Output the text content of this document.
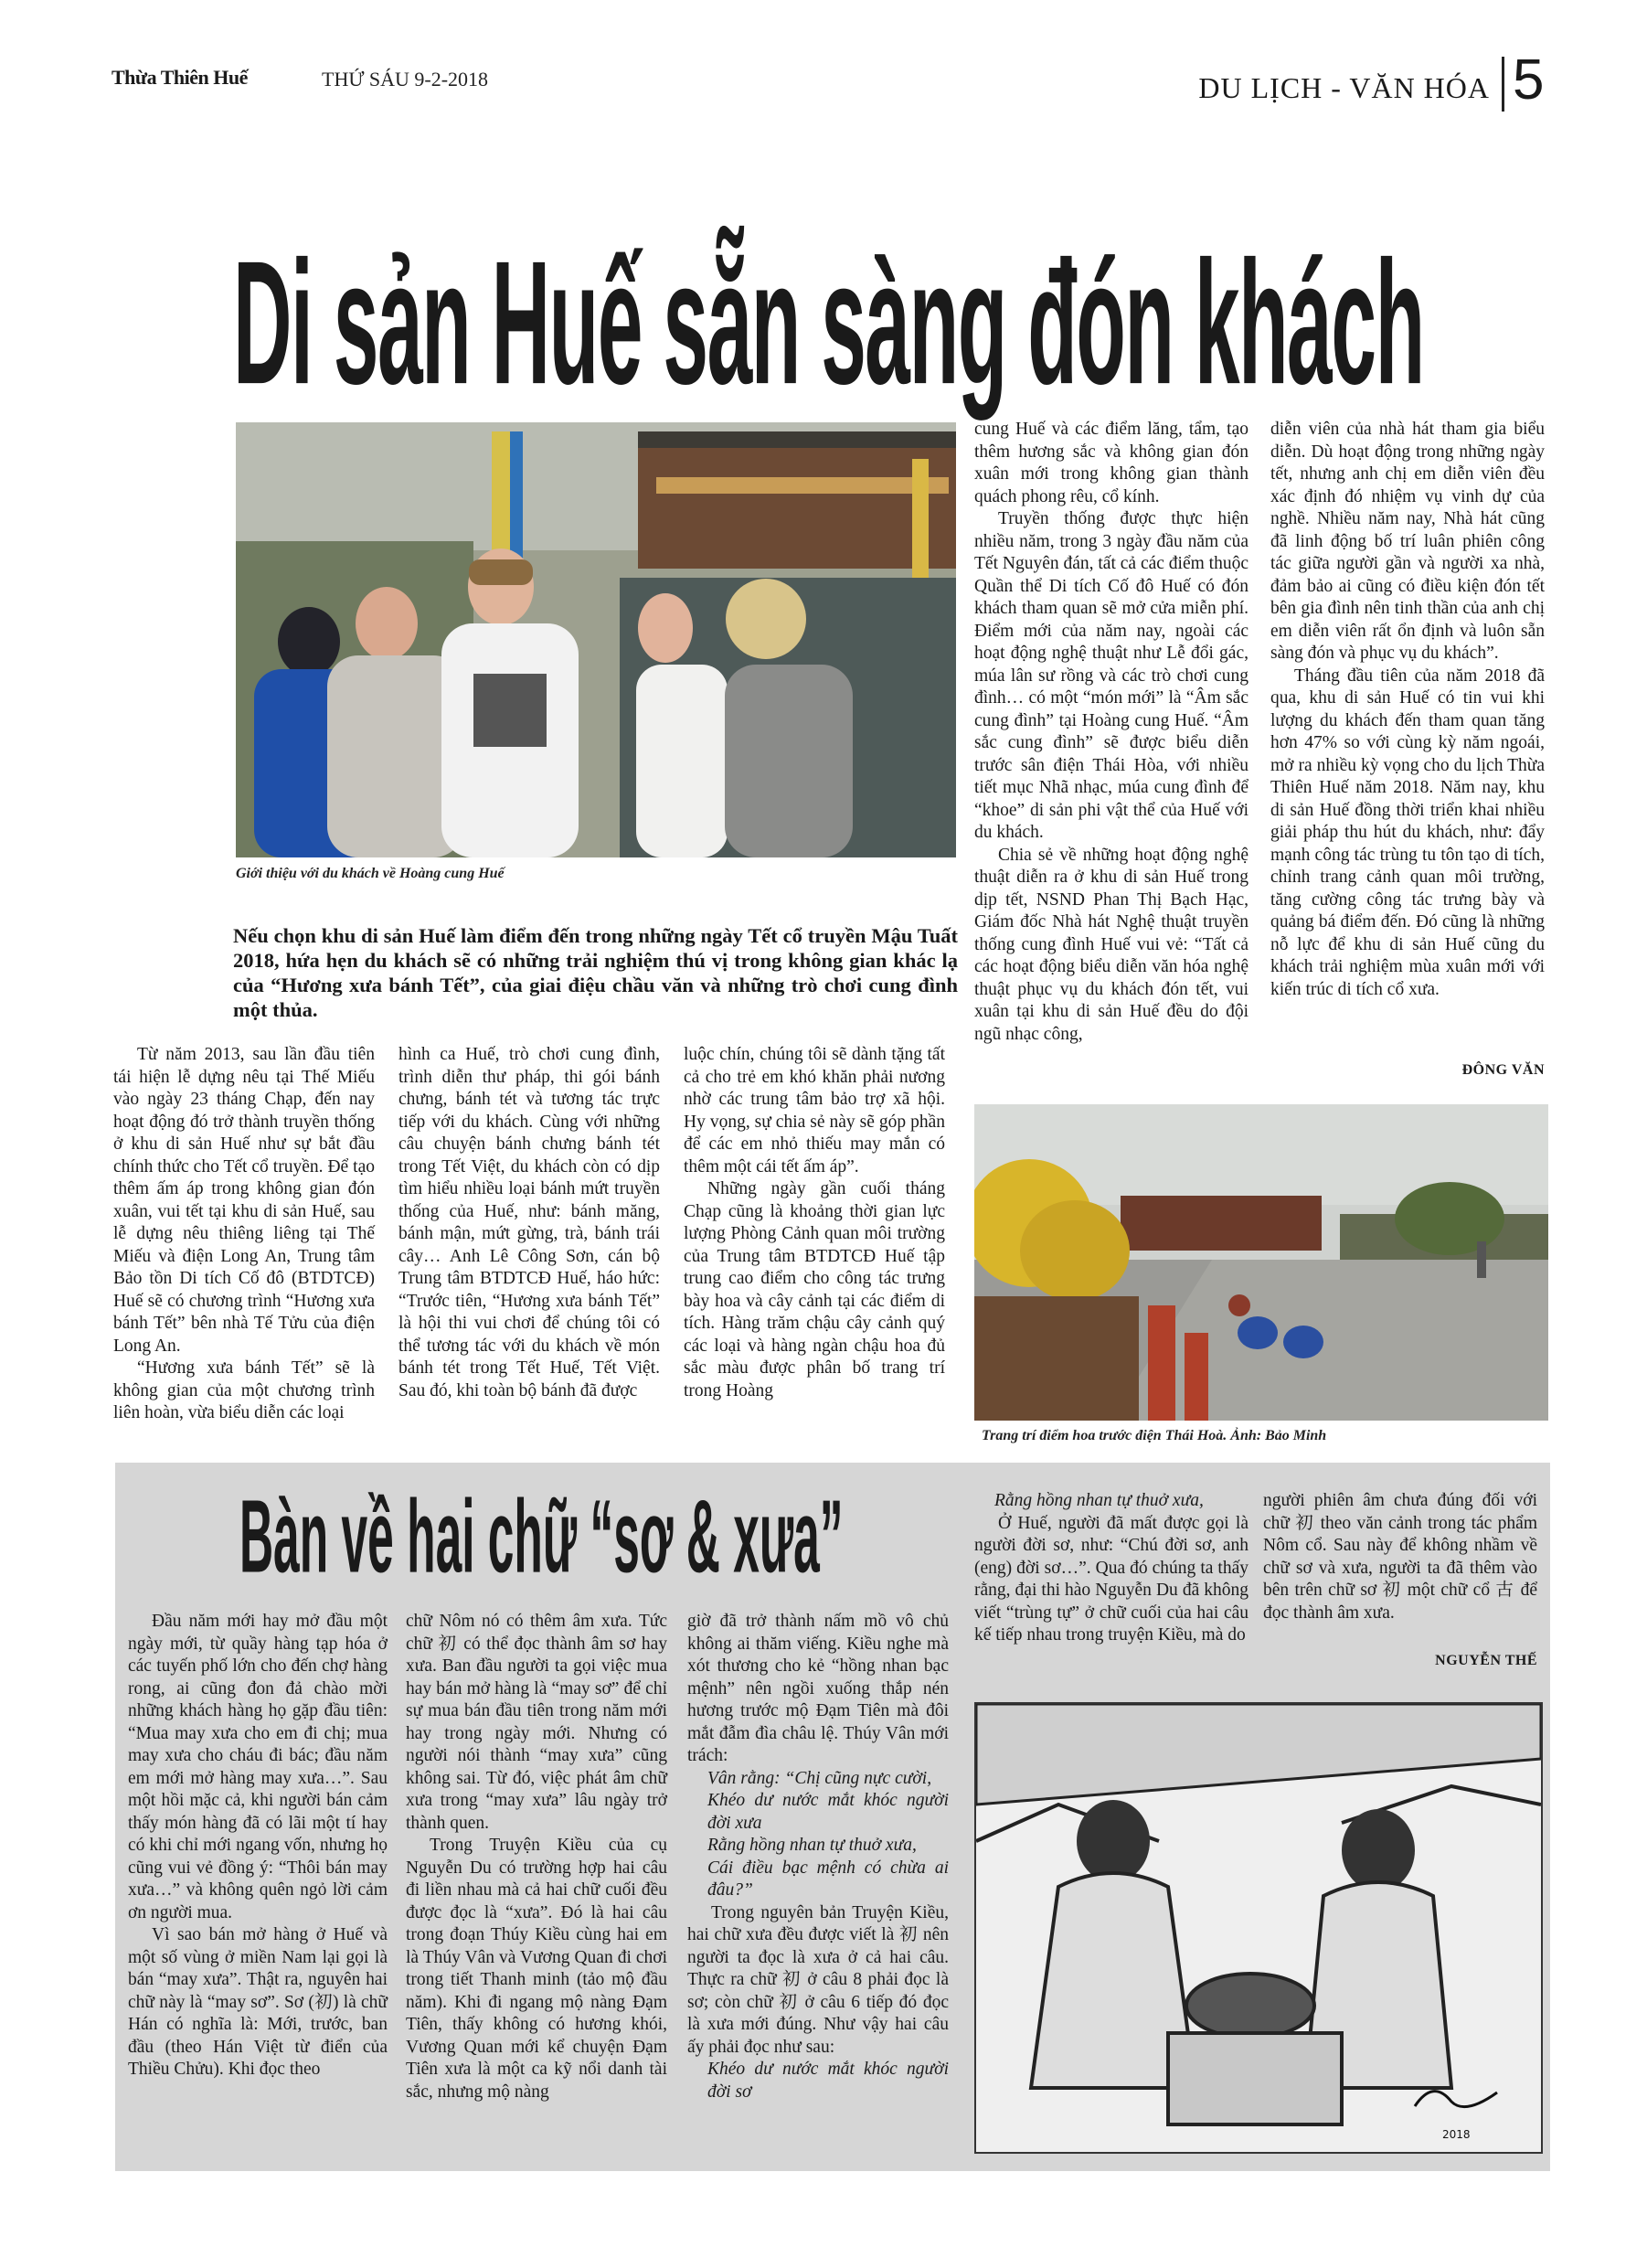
Thừa Thiên Huế	THỨ SÁU 9-2-2018	DU LỊCH - VĂN HÓA 5
Di sản Huế sẵn sàng đón khách
Giới thiệu với du khách về Hoàng cung Huế
Nếu chọn khu di sản Huế làm điểm đến trong những ngày Tết cổ truyền Mậu Tuất 2018, hứa hẹn du khách sẽ có những trải nghiệm thú vị trong không gian khác lạ của “Hương xưa bánh Tết”, của giai điệu chầu văn và những trò chơi cung đình một thủa.

Từ năm 2013, sau lần đầu tiên tái hiện lễ dựng nêu tại Thế Miếu vào ngày 23 tháng Chạp, đến nay hoạt động đó trở thành truyền thống ở khu di sản Huế như sự bắt đầu chính thức cho Tết cổ truyền. Để tạo thêm ấm áp trong không gian đón xuân, vui tết tại khu di sản Huế, sau lễ dựng nêu thiêng liêng tại Thế Miếu và điện Long An, Trung tâm Bảo tồn Di tích Cố đô (BTDTCĐ) Huế sẽ có chương trình “Hương xưa bánh Tết” bên nhà Tế Tửu của điện Long An.

“Hương xưa bánh Tết” sẽ là không gian của một chương trình liên hoàn, vừa biểu diễn các loại

hình ca Huế, trò chơi cung đình, trình diễn thư pháp, thi gói bánh chưng, bánh tét và tương tác trực tiếp với du khách. Cùng với những câu chuyện bánh chưng bánh tét trong Tết Việt, du khách còn có dịp tìm hiểu nhiều loại bánh mứt truyền thống của Huế, như: bánh măng, bánh mận, mứt gừng, trà, bánh trái cây… Anh Lê Công Sơn, cán bộ Trung tâm BTDTCĐ Huế, háo hức: “Trước tiên, “Hương xưa bánh Tết” là hội thi vui chơi để chúng tôi có thể tương tác với du khách về món bánh tét trong Tết Huế, Tết Việt. Sau đó, khi toàn bộ bánh đã được

luộc chín, chúng tôi sẽ dành tặng tất cả cho trẻ em khó khăn phải nương nhờ các trung tâm bảo trợ xã hội. Hy vọng, sự chia sẻ này sẽ góp phần để các em nhỏ thiếu may mắn có thêm một cái tết ấm áp”.

Những ngày gần cuối tháng Chạp cũng là khoảng thời gian lực lượng Phòng Cảnh quan môi trường của Trung tâm BTDTCĐ Huế tập trung cao điểm cho công tác trưng bày hoa và cây cảnh tại các điểm di tích. Hàng trăm chậu cây cảnh quý các loại và hàng ngàn chậu hoa đủ sắc màu được phân bố trang trí trong Hoàng

cung Huế và các điểm lăng, tẩm, tạo thêm hương sắc và không gian đón xuân mới trong không gian thành quách phong rêu, cổ kính.

Truyền thống được thực hiện nhiều năm, trong 3 ngày đầu năm của Tết Nguyên đán, tất cả các điểm thuộc Quần thể Di tích Cố đô Huế có đón khách tham quan sẽ mở cửa miễn phí. Điểm mới của năm nay, ngoài các hoạt động nghệ thuật như Lễ đổi gác, múa lân sư rồng và các trò chơi cung đình… có một “món mới” là “Âm sắc cung đình” tại Hoàng cung Huế. “Âm sắc cung đình” sẽ được biểu diễn trước sân điện Thái Hòa, với nhiều tiết mục Nhã nhạc, múa cung đình để “khoe” di sản phi vật thể của Huế với du khách.

Chia sẻ về những hoạt động nghệ thuật diễn ra ở khu di sản Huế trong dịp tết, NSND Phan Thị Bạch Hạc, Giám đốc Nhà hát Nghệ thuật truyền thống cung đình Huế vui vẻ: “Tất cả các hoạt động biểu diễn văn hóa nghệ thuật phục vụ du khách đón tết, vui xuân tại khu di sản Huế đều do đội ngũ nhạc công,

diễn viên của nhà hát tham gia biểu diễn. Dù hoạt động trong những ngày tết, nhưng anh chị em diễn viên đều xác định đó nhiệm vụ vinh dự của nghề. Nhiều năm nay, Nhà hát cũng đã linh động bố trí luân phiên công tác giữa người gần và người xa nhà, đảm bảo ai cũng có điều kiện đón tết bên gia đình nên tinh thần của anh chị em diễn viên rất ổn định và luôn sẵn sàng đón và phục vụ du khách”.

Tháng đầu tiên của năm 2018 đã qua, khu di sản Huế có tin vui khi lượng du khách đến tham quan tăng hơn 47% so với cùng kỳ năm ngoái, mở ra nhiều kỳ vọng cho du lịch Thừa Thiên Huế năm 2018. Năm nay, khu di sản Huế đồng thời triển khai nhiều giải pháp thu hút du khách, như: đẩy mạnh công tác trùng tu tôn tạo di tích, chỉnh trang cảnh quan môi trường, tăng cường công tác trưng bày và quảng bá điểm đến. Đó cũng là những nỗ lực để khu di sản Huế cũng du khách trải nghiệm mùa xuân mới với kiến trúc di tích cổ xưa.

ĐÔNG VĂN
Trang trí điểm hoa trước điện Thái Hoà. Ảnh: Bảo Minh
Bàn về hai chữ “sơ & xưa”

Đầu năm mới hay mở đầu một ngày mới, từ quầy hàng tạp hóa ở các tuyến phố lớn cho đến chợ hàng rong, ai cũng đon đả chào mời những khách hàng họ gặp đầu tiên: “Mua may xưa cho em đi chị; mua may xưa cho cháu đi bác; đầu năm em mới mở hàng may xưa…”. Sau một hồi mặc cả, khi người bán cảm thấy món hàng đã có lãi một tí hay có khi chỉ mới ngang vốn, nhưng họ cũng vui vẻ đồng ý: “Thôi bán may xưa…” và không quên ngỏ lời cảm ơn người mua.

Vì sao bán mở hàng ở Huế và một số vùng ở miền Nam lại gọi là bán “may xưa”. Thật ra, nguyên hai chữ này là “may sơ”. Sơ (初) là chữ Hán có nghĩa là: Mới, trước, ban đầu (theo Hán Việt từ điển của Thiều Chửu). Khi đọc theo

chữ Nôm nó có thêm âm xưa. Tức chữ 初 có thể đọc thành âm sơ hay xưa. Ban đầu người ta gọi việc mua hay bán mở hàng là “may sơ” để chỉ sự mua bán đầu tiên trong năm mới hay trong ngày mới. Nhưng có người nói thành “may xưa” cũng không sai. Từ đó, việc phát âm chữ xưa trong “may xưa” lâu ngày trở thành quen.

Trong Truyện Kiều của cụ Nguyễn Du có trường hợp hai câu đi liền nhau mà cả hai chữ cuối đều được đọc là “xưa”. Đó là hai câu trong đoạn Thúy Kiều cùng hai em là Thúy Vân và Vương Quan đi chơi trong tiết Thanh minh (tảo mộ đầu năm). Khi đi ngang mộ nàng Đạm Tiên, thấy không có hương khói, Vương Quan mới kể chuyện Đạm Tiên xưa là một ca kỹ nổi danh tài sắc, nhưng mộ nàng

giờ đã trở thành nấm mồ vô chủ không ai thăm viếng. Kiều nghe mà xót thương cho kẻ “hồng nhan bạc mệnh” nên ngồi xuống thắp nén hương trước mộ Đạm Tiên mà đôi mắt đẫm đìa châu lệ. Thúy Vân mới trách:

Vân rằng: “Chị cũng nực cười,

Khéo dư nước mắt khóc người đời xưa

Rằng hồng nhan tự thuở xưa,

Cái điều bạc mệnh có chừa ai đâu?”

Trong nguyên bản Truyện Kiều, hai chữ xưa đều được viết là 初 nên người ta đọc là xưa ở cả hai câu. Thực ra chữ 初 ở câu 8 phải đọc là sơ; còn chữ 初 ở câu 6 tiếp đó đọc là xưa mới đúng. Như vậy hai câu ấy phải đọc như sau:

Khéo dư nước mắt khóc người đời sơ

Rằng hồng nhan tự thuở xưa,

Ở Huế, người đã mất được gọi là người đời sơ, như: “Chú đời sơ, anh (eng) đời sơ…”. Qua đó chúng ta thấy rằng, đại thi hào Nguyễn Du đã không viết “trùng tự” ở chữ cuối của hai câu kế tiếp nhau trong truyện Kiều, mà do

người phiên âm chưa đúng đối với chữ 初 theo văn cảnh trong tác phẩm Nôm cổ. Sau này để không nhầm về chữ sơ và xưa, người ta đã thêm vào bên trên chữ sơ 初 một chữ cổ 古 để đọc thành âm xưa.

NGUYỄN THẾ
2018
